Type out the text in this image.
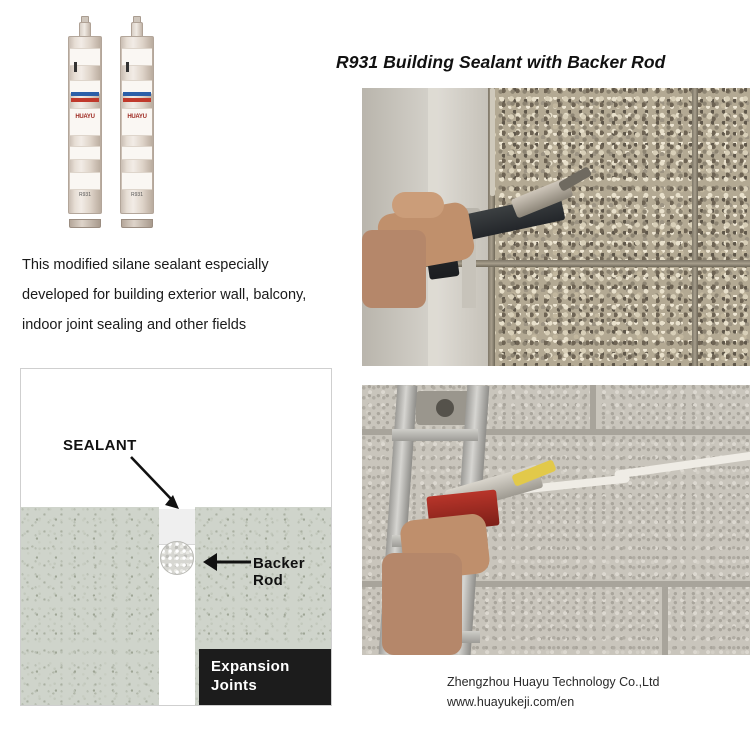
HUAYU
R931
HUAYU
R931
R931 Building Sealant with Backer Rod
This modified silane sealant especially developed for building exterior wall, balcony, indoor joint sealing and other fields
SEALANT
Backer
Rod
Expansion
Joints	Zhengzhou Huayu Technology Co.,Ltd
www.huayukeji.com/en
